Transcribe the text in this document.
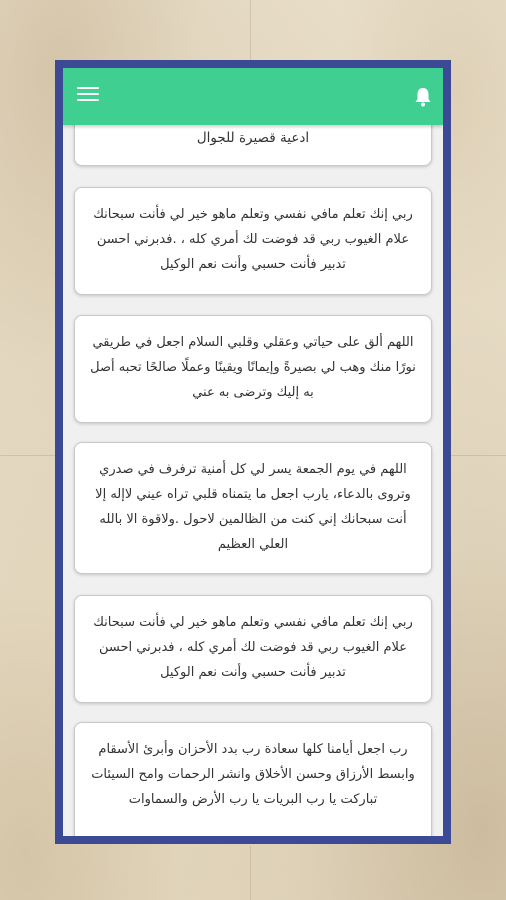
ادعية قصيرة للجوال
ربي إنك تعلم مافي نفسي وتعلم ماهو خير لي فأنت سبحانك علام الغيوب ربي قد فوضت لك أمري كله ، .فدبرني احسن تدبير فأنت حسبي وأنت نعم الوكيل
اللهم ألق على حياتي وعقلي وقلبي السلام اجعل في طريقي نورًا منك وهب لي بصيرةً وإيمانًا ويقينًا وعملًا صالحًا تحبه أصل به إليك وترضى به عني
اللهم في يوم الجمعة يسر لي كل أمنية ترفرف في صدري وتروى بالدعاء، يارب اجعل ما يتمناه قلبي تراه عيني لاإله إلا أنت سبحانك إني كنت من الظالمين لاحول .ولاقوة الا بالله العلي العظيم
ربي إنك تعلم مافي نفسي وتعلم ماهو خير لي فأنت سبحانك علام الغيوب ربي قد فوضت لك أمري كله ، فدبرني احسن تدبير فأنت حسبي وأنت نعم الوكيل
رب اجعل أيامنا كلها سعادة رب بدد الأحزان وأبرئ الأسقام وابسط الأرزاق وحسن الأخلاق وانشر الرحمات وامح السيئات تباركت يا رب البريات يا رب الأرض والسماوات
